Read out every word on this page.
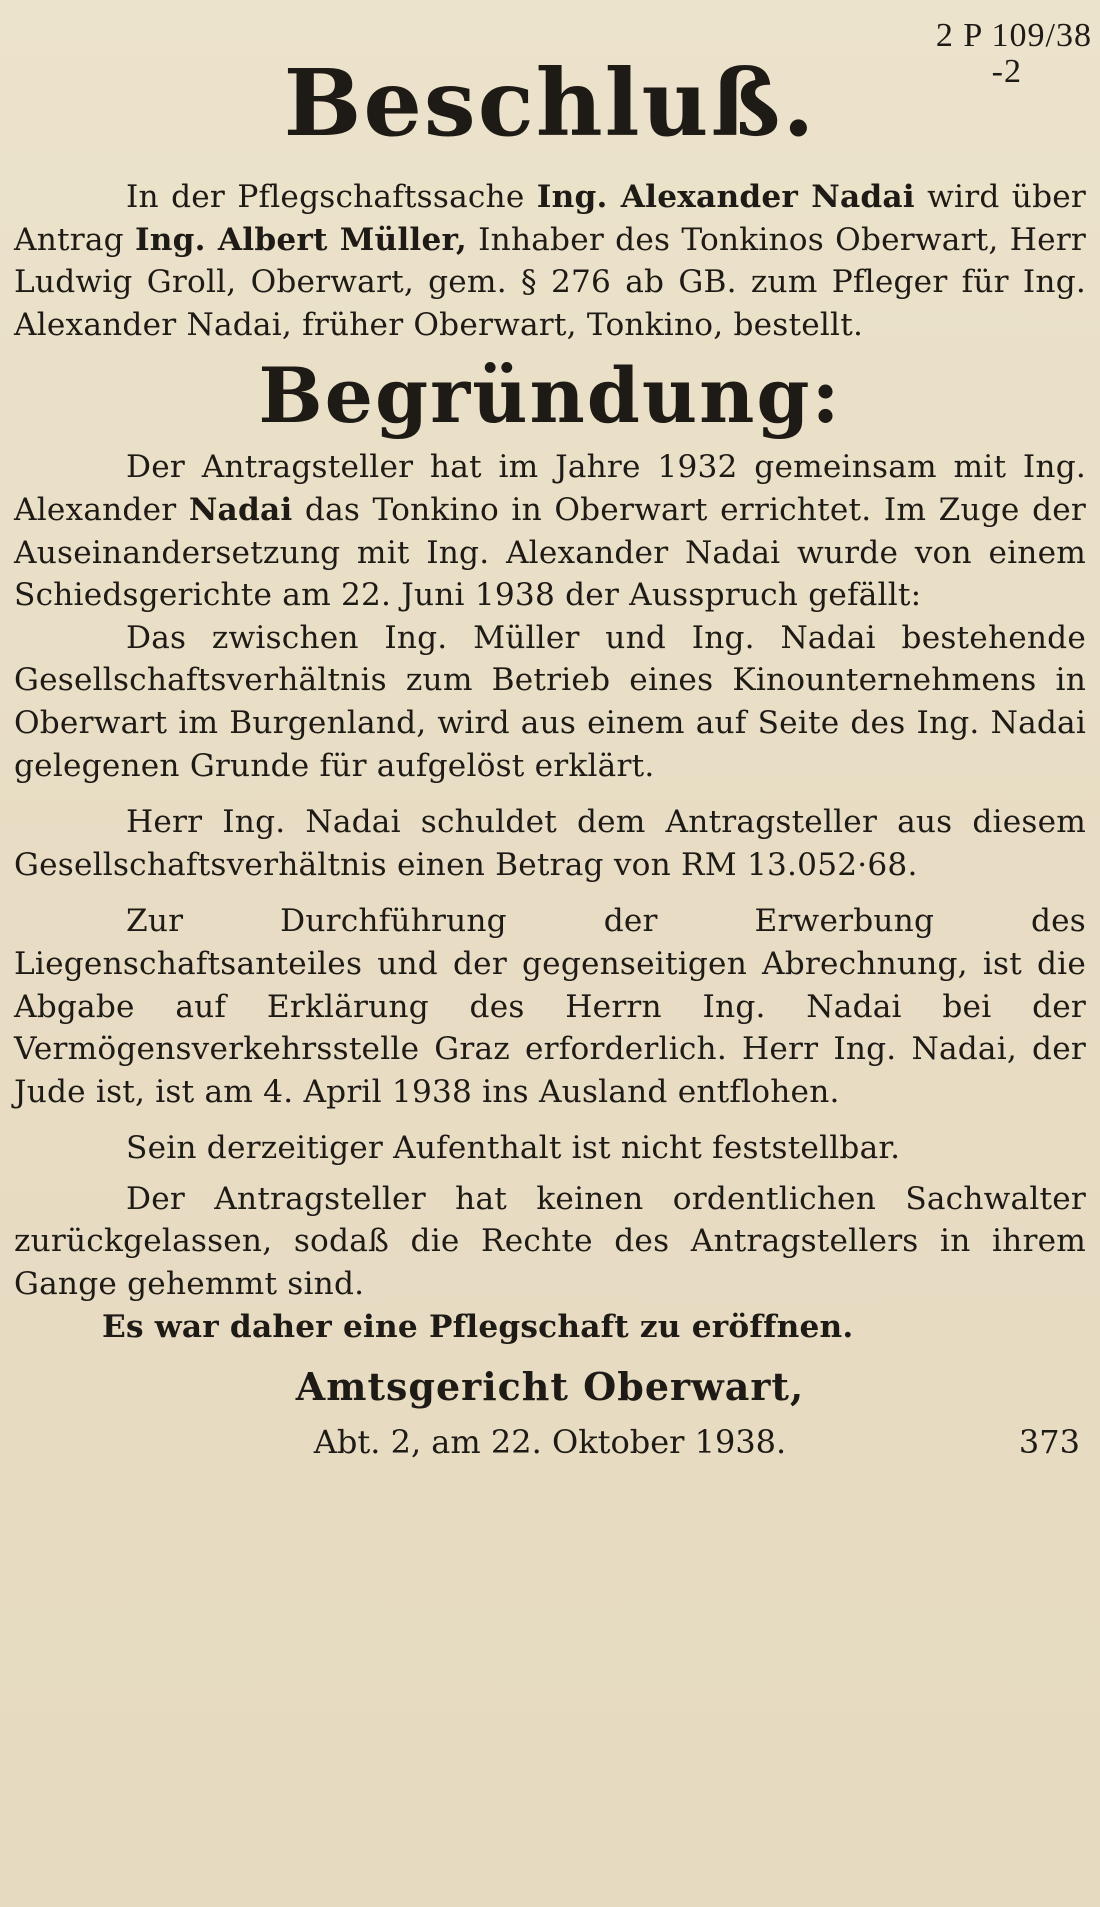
2 P 109/38

-2
Beschluß.

In der Pflegschaftssache Ing. Alexander Nadai wird über Antrag Ing. Albert Müller, Inhaber des Tonkinos Oberwart, Herr Ludwig Groll, Oberwart, gem. § 276 ab GB. zum Pfleger für Ing. Alexander Nadai, früher Oberwart, Tonkino, bestellt.

Begründung:

Der Antragsteller hat im Jahre 1932 gemeinsam mit Ing. Alexander Nadai das Tonkino in Oberwart errichtet. Im Zuge der Auseinandersetzung mit Ing. Alexander Nadai wurde von einem Schiedsgerichte am 22. Juni 1938 der Ausspruch gefällt:

Das zwischen Ing. Müller und Ing. Nadai bestehende Gesellschaftsverhältnis zum Betrieb eines Kinounternehmens in Oberwart im Burgenland, wird aus einem auf Seite des Ing. Nadai gelegenen Grunde für aufgelöst erklärt.

Herr Ing. Nadai schuldet dem Antragsteller aus diesem Gesellschaftsverhältnis einen Betrag von RM 13.052·68.

Zur Durchführung der Erwerbung des Liegenschaftsanteiles und der gegenseitigen Abrechnung, ist die Abgabe auf Erklärung des Herrn Ing. Nadai bei der Vermögensverkehrsstelle Graz erforderlich. Herr Ing. Nadai, der Jude ist, ist am 4. April 1938 ins Ausland entflohen.

Sein derzeitiger Aufenthalt ist nicht feststellbar.

Der Antragsteller hat keinen ordentlichen Sachwalter zurückgelassen, sodaß die Rechte des Antragstellers in ihrem Gange gehemmt sind.

Es war daher eine Pflegschaft zu eröffnen.

Amtsgericht Oberwart,

Abt. 2, am 22. Oktober 1938.	373
